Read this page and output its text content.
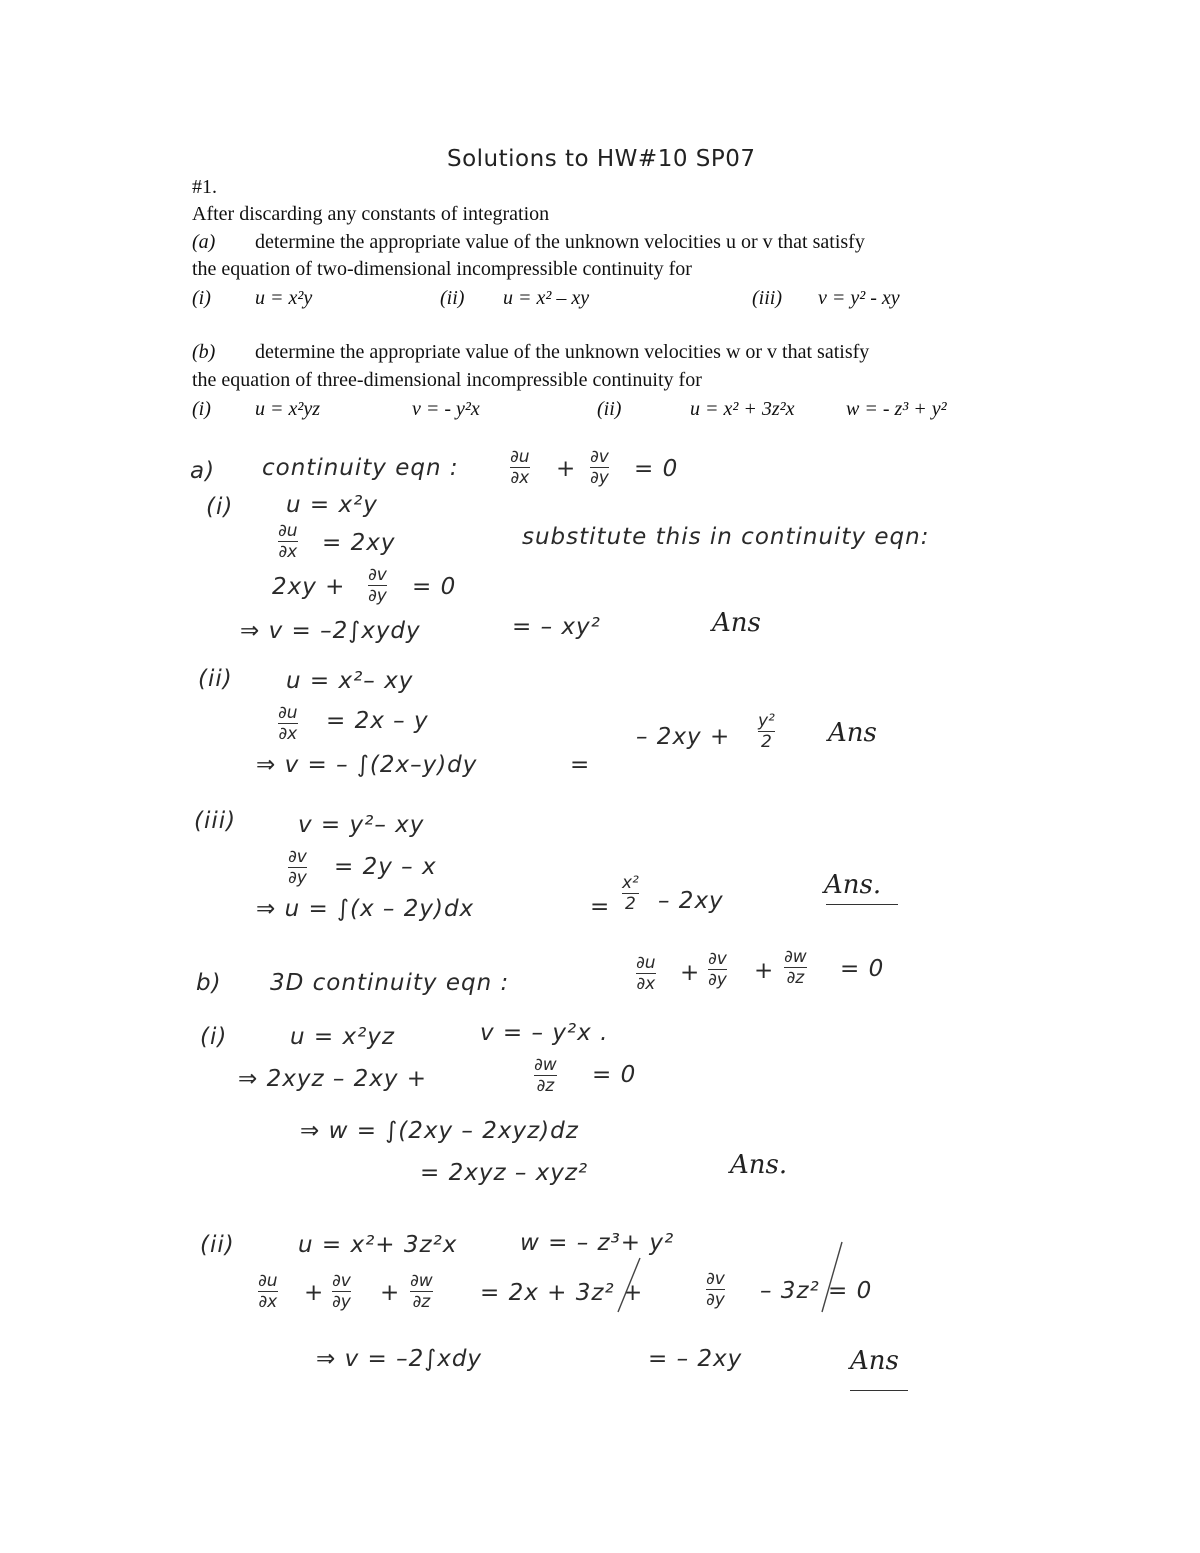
Solutions to HW#10 SP07
#1.
After discarding any constants of integration
(a) determine the appropriate value of the unknown velocities u or v that satisfy
the equation of two-dimensional incompressible continuity for
(i) u = x²y	(ii) u = x² – xy	(iii) v = y² - xy
(b) determine the appropriate value of the unknown velocities w or v that satisfy
the equation of three-dimensional incompressible continuity for
(i) u = x²yz	v = - y²x	(ii)	u = x² + 3z²x	w = - z³ + y²
a) continuity eqn :	∂u
∂x + ∂v
∂y = 0
(i) u = x²y
∂u
∂x = 2xy	substitute this in continuity eqn:
2xy + ∂v
∂y = 0
⇒ v = –2∫xydy	= – xy²	Ans
(ii) u = x²– xy
∂u
∂x = 2x – y
⇒ v = – ∫(2x–y)dy	=
– 2xy +
y²
2 Ans
(iii)	v = y²– xy
∂v
∂y = 2y – x
⇒ u = ∫(x – 2y)dx	=
x²
2 – 2xy
Ans.
b) 3D continuity eqn :
∂u
∂x +
∂v
∂y +
∂w
∂z = 0
(i)	u = x²yz	v = – y²x .
⇒ 2xyz – 2xy +
∂w
∂z = 0
⇒ w = ∫(2xy – 2xyz)dz
= 2xyz – xyz²	Ans.
(ii)	u = x²+ 3z²x	w = – z³+ y²
∂u
∂x + ∂v
∂y + ∂w
∂z = 2x + 3z² +
∂v
∂y – 3z² = 0
⇒ v = –2∫xdy	= – 2xy	Ans
